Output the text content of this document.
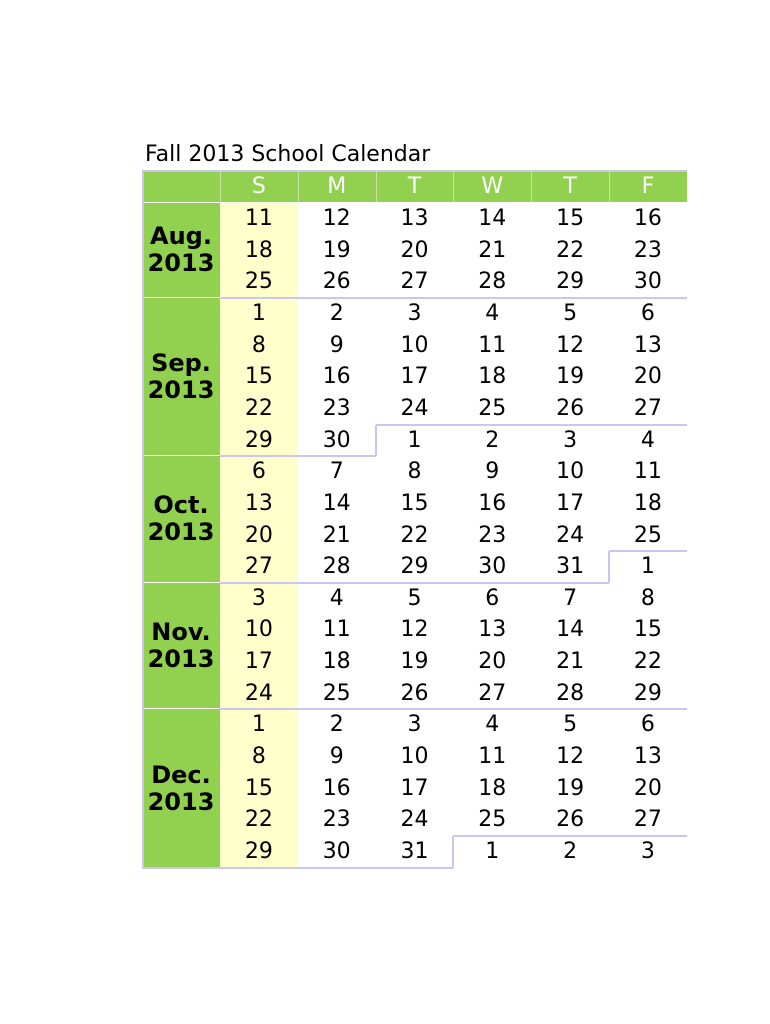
Fall 2013 School Calendar
S	M	T	W	T	F
Aug.
2013
11	12	13	14	15	16
18	19	20	21	22	23
25	26	27	28	29	30
Sep.
2013
1	2	3	4	5	6
8	9	10	11	12	13
15	16	17	18	19	20
22	23	24	25	26	27
29	30	1	2	3	4
Oct.
2013
6	7	8	9	10	11
13	14	15	16	17	18
20	21	22	23	24	25
27	28	29	30	31	1
Nov.
2013
3	4	5	6	7	8
10	11	12	13	14	15
17	18	19	20	21	22
24	25	26	27	28	29
Dec.
2013
1	2	3	4	5	6
8	9	10	11	12	13
15	16	17	18	19	20
22	23	24	25	26	27
29	30	31	1	2	3
